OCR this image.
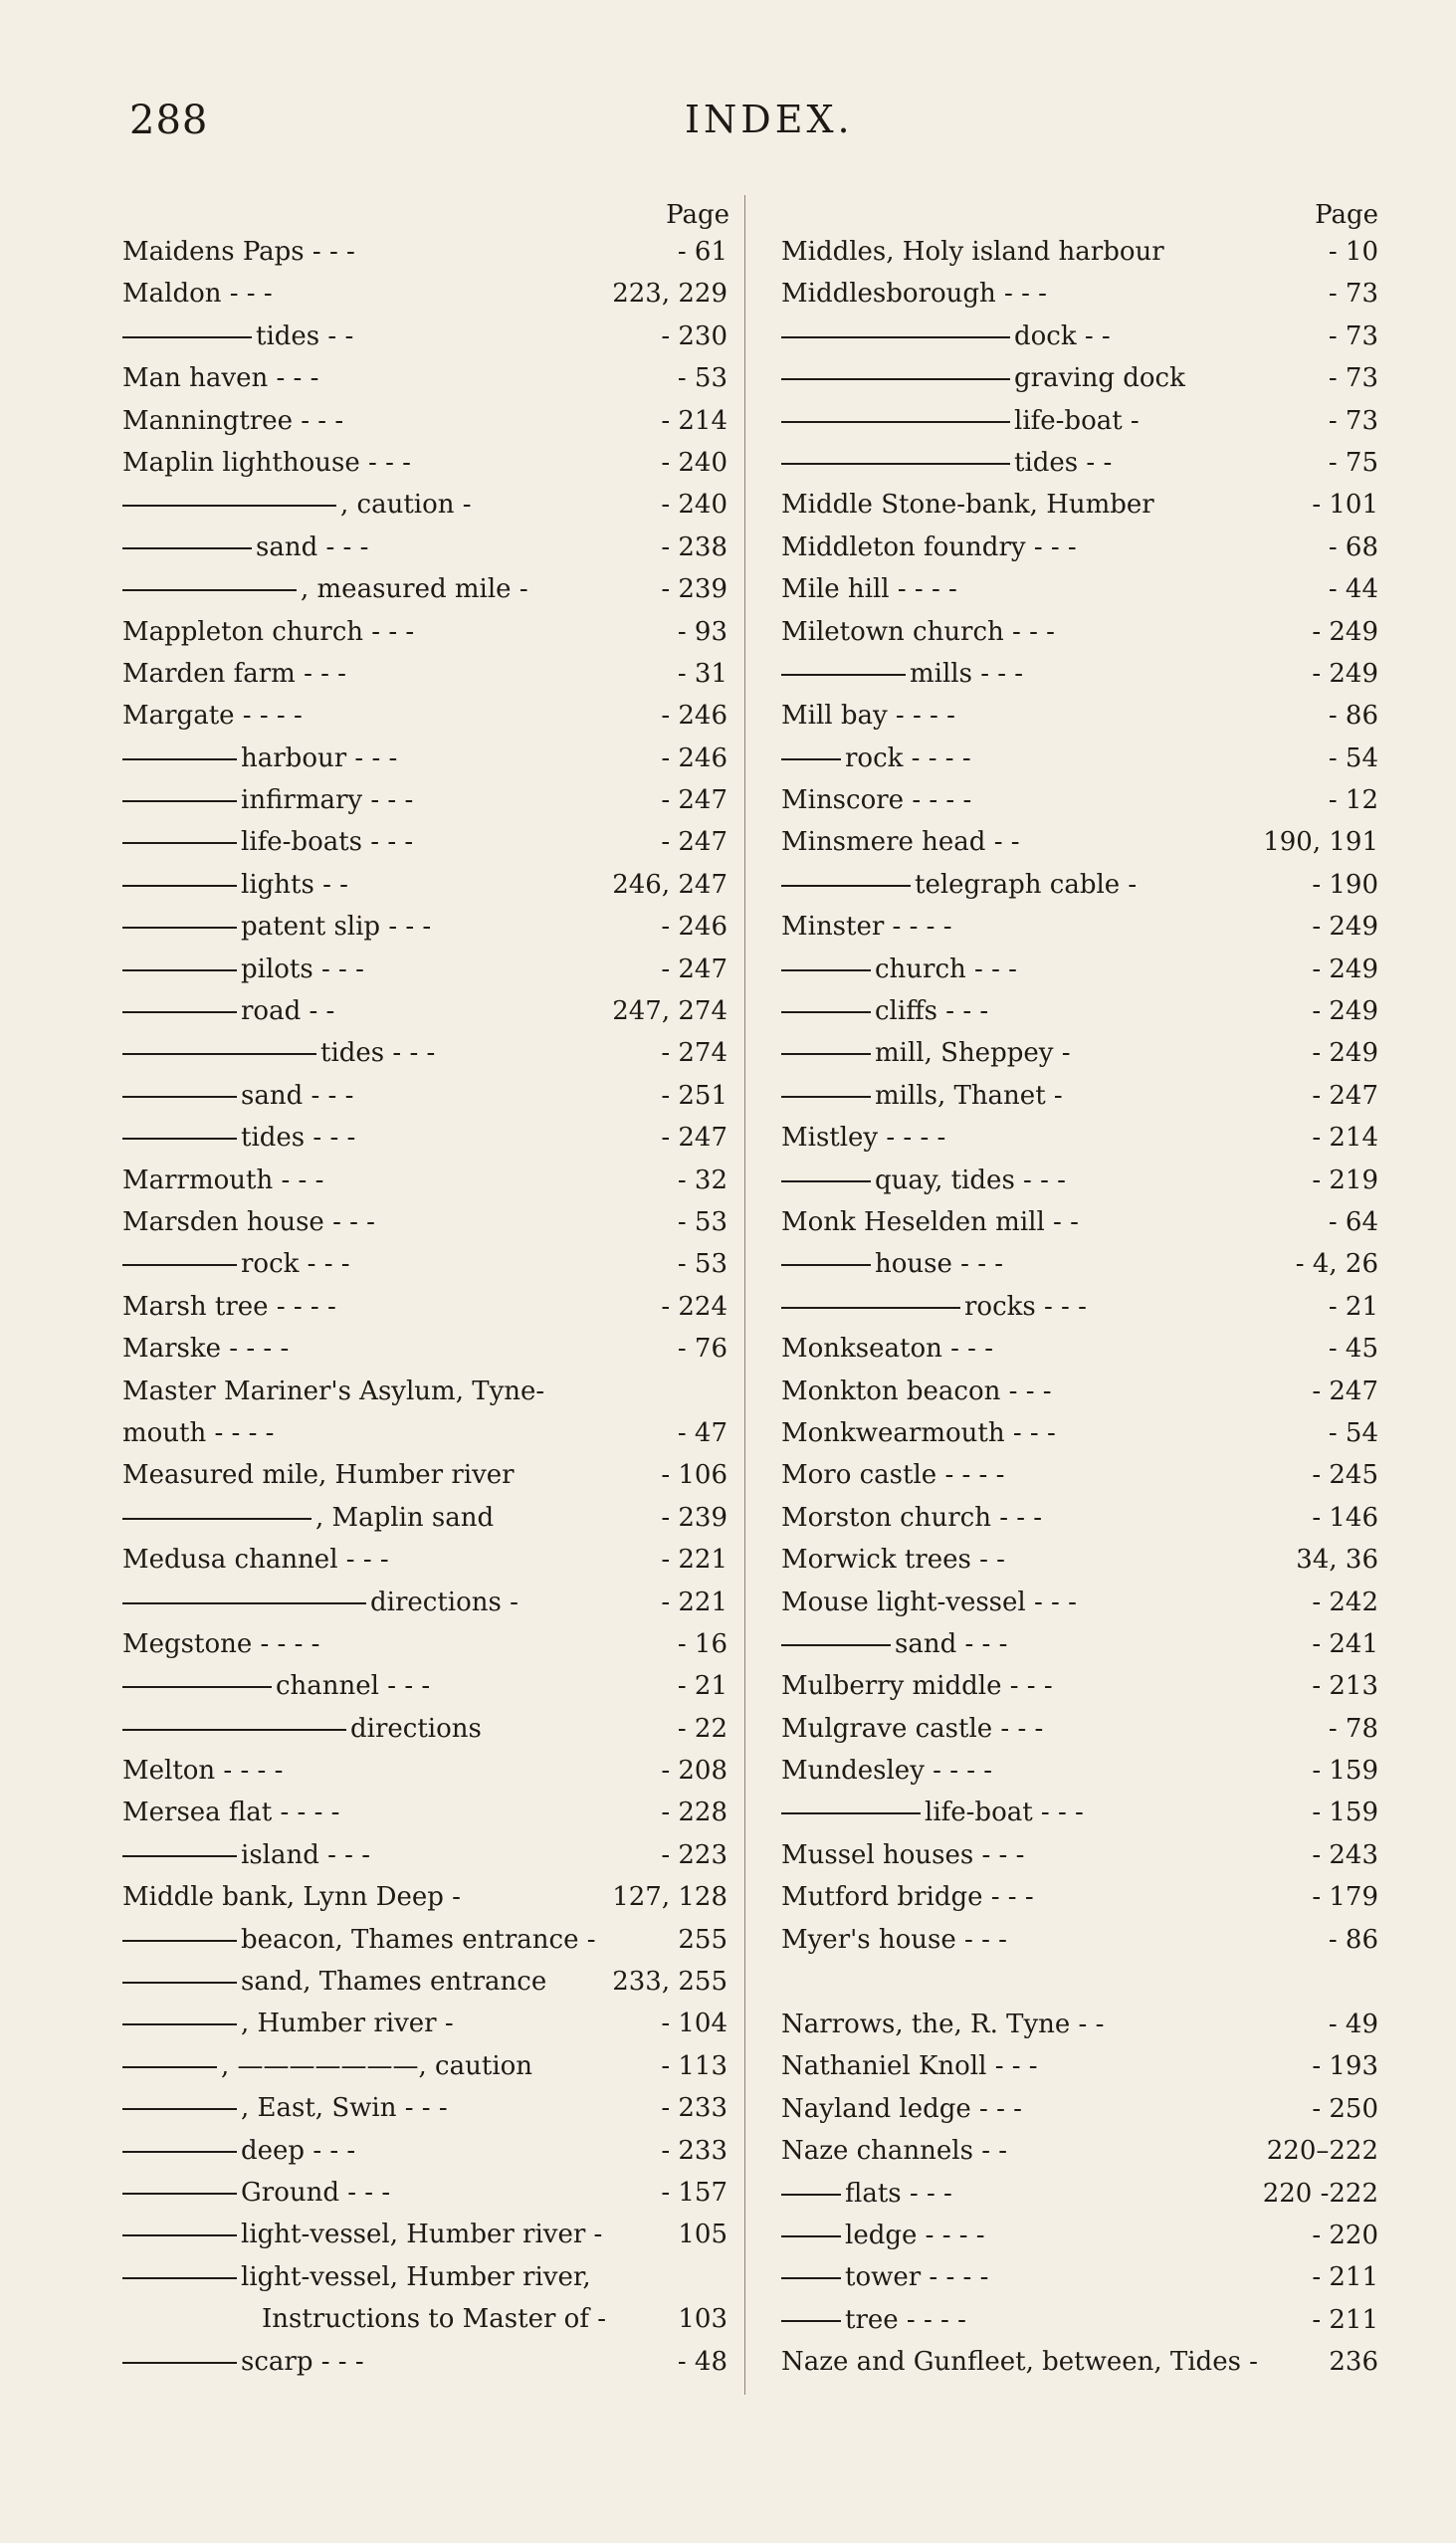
288	INDEX.
Page
Maidens Paps - - -	- 61
Maldon - - -	223, 229
tides - -	- 230
Man haven - - -	- 53
Manningtree - - -	- 214
Maplin lighthouse - - -	- 240
, caution -	- 240
sand - - -	- 238
, measured mile -	- 239
Mappleton church - - -	- 93
Marden farm - - -	- 31
Margate - - - -	- 246
harbour - - -	- 246
infirmary - - -	- 247
life-boats - - -	- 247
lights - -	246, 247
patent slip - - -	- 246
pilots - - -	- 247
road - -	247, 274
tides - - -	- 274
sand - - -	- 251
tides - - -	- 247
Marrmouth - - -	- 32
Marsden house - - -	- 53
rock - - -	- 53
Marsh tree - - - -	- 224
Marske - - - -	- 76
Master Mariner's Asylum, Tyne-
mouth - - - -	- 47
Measured mile, Humber river	- 106
, Maplin sand	- 239
Medusa channel - - -	- 221
directions -	- 221
Megstone - - - -	- 16
channel - - -	- 21
directions	- 22
Melton - - - -	- 208
Mersea flat - - - -	- 228
island - - -	- 223
Middle bank, Lynn Deep -	127, 128
beacon, Thames entrance -	255
sand, Thames entrance	233, 255
, Humber river -	- 104
, ———————, caution	- 113
, East, Swin - - -	- 233
deep - - -	- 233
Ground - - -	- 157
light-vessel, Humber river -	105
light-vessel, Humber river,
Instructions to Master of -	103
scarp - - -	- 48
Page
Middles, Holy island harbour	- 10
Middlesborough - - -	- 73
dock - -	- 73
graving dock	- 73
life-boat -	- 73
tides - -	- 75
Middle Stone-bank, Humber	- 101
Middleton foundry - - -	- 68
Mile hill - - - -	- 44
Miletown church - - -	- 249
mills - - -	- 249
Mill bay - - - -	- 86
rock - - - -	- 54
Minscore - - - -	- 12
Minsmere head - -	190, 191
telegraph cable -	- 190
Minster - - - -	- 249
church - - -	- 249
cliffs - - -	- 249
mill, Sheppey -	- 249
mills, Thanet -	- 247
Mistley - - - -	- 214
quay, tides - - -	- 219
Monk Heselden mill - -	- 64
house - - -	- 4, 26
rocks - - -	- 21
Monkseaton - - -	- 45
Monkton beacon - - -	- 247
Monkwearmouth - - -	- 54
Moro castle - - - -	- 245
Morston church - - -	- 146
Morwick trees - -	34, 36
Mouse light-vessel - - -	- 242
sand - - -	- 241
Mulberry middle - - -	- 213
Mulgrave castle - - -	- 78
Mundesley - - - -	- 159
life-boat - - -	- 159
Mussel houses - - -	- 243
Mutford bridge - - -	- 179
Myer's house - - -	- 86
Narrows, the, R. Tyne - -	- 49
Nathaniel Knoll - - -	- 193
Nayland ledge - - -	- 250
Naze channels - -	220–222
flats - - -	220 -222
ledge - - - -	- 220
tower - - - -	- 211
tree - - - -	- 211
Naze and Gunfleet, between, Tides -	236
